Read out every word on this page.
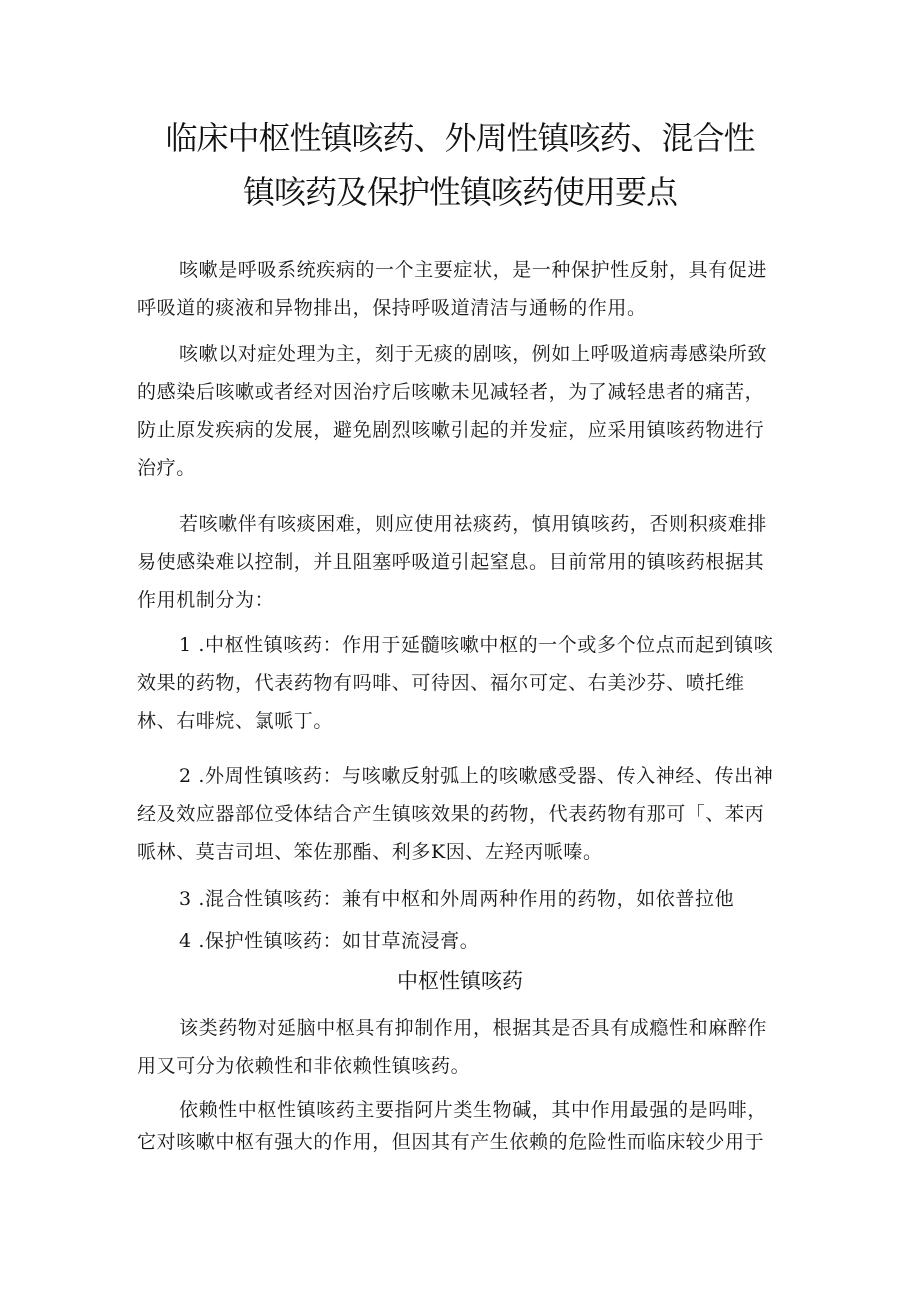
临床中枢性镇咳药、外周性镇咳药、混合性
镇咳药及保护性镇咳药使用要点
咳嗽是呼吸系统疾病的一个主要症状，是一种保护性反射，具有促进呼吸道的痰液和异物排出，保持呼吸道清洁与通畅的作用。
咳嗽以对症处理为主，刻于无痰的剧咳，例如上呼吸道病毒感染所致的感染后咳嗽或者经对因治疗后咳嗽未见减轻者，为了减轻患者的痛苦，防止原发疾病的发展，避免剧烈咳嗽引起的并发症，应采用镇咳药物进行治疗。
若咳嗽伴有咳痰困难，则应使用祛痰药，慎用镇咳药，否则积痰难排易使感染难以控制，并且阻塞呼吸道引起窒息。目前常用的镇咳药根据其作用机制分为：
1 .中枢性镇咳药：作用于延髓咳嗽中枢的一个或多个位点而起到镇咳效果的药物，代表药物有吗啡、可待因、福尔可定、右美沙芬、喷托维林、右啡烷、氯哌丁。
2 .外周性镇咳药：与咳嗽反射弧上的咳嗽感受器、传入神经、传出神经及效应器部位受体结合产生镇咳效果的药物，代表药物有那可「、苯丙哌林、莫吉司坦、笨佐那酯、利多K因、左羟丙哌嗪。
3 .混合性镇咳药：兼有中枢和外周两种作用的药物，如依普拉他
4 .保护性镇咳药：如甘草流浸膏。
中枢性镇咳药
该类药物对延脑中枢具有抑制作用，根据其是否具有成瘾性和麻醉作用又可分为依赖性和非依赖性镇咳药。
依赖性中枢性镇咳药主要指阿片类生物碱，其中作用最强的是吗啡，它对咳嗽中枢有强大的作用，但因其有产生依赖的危险性而临床较少用于
